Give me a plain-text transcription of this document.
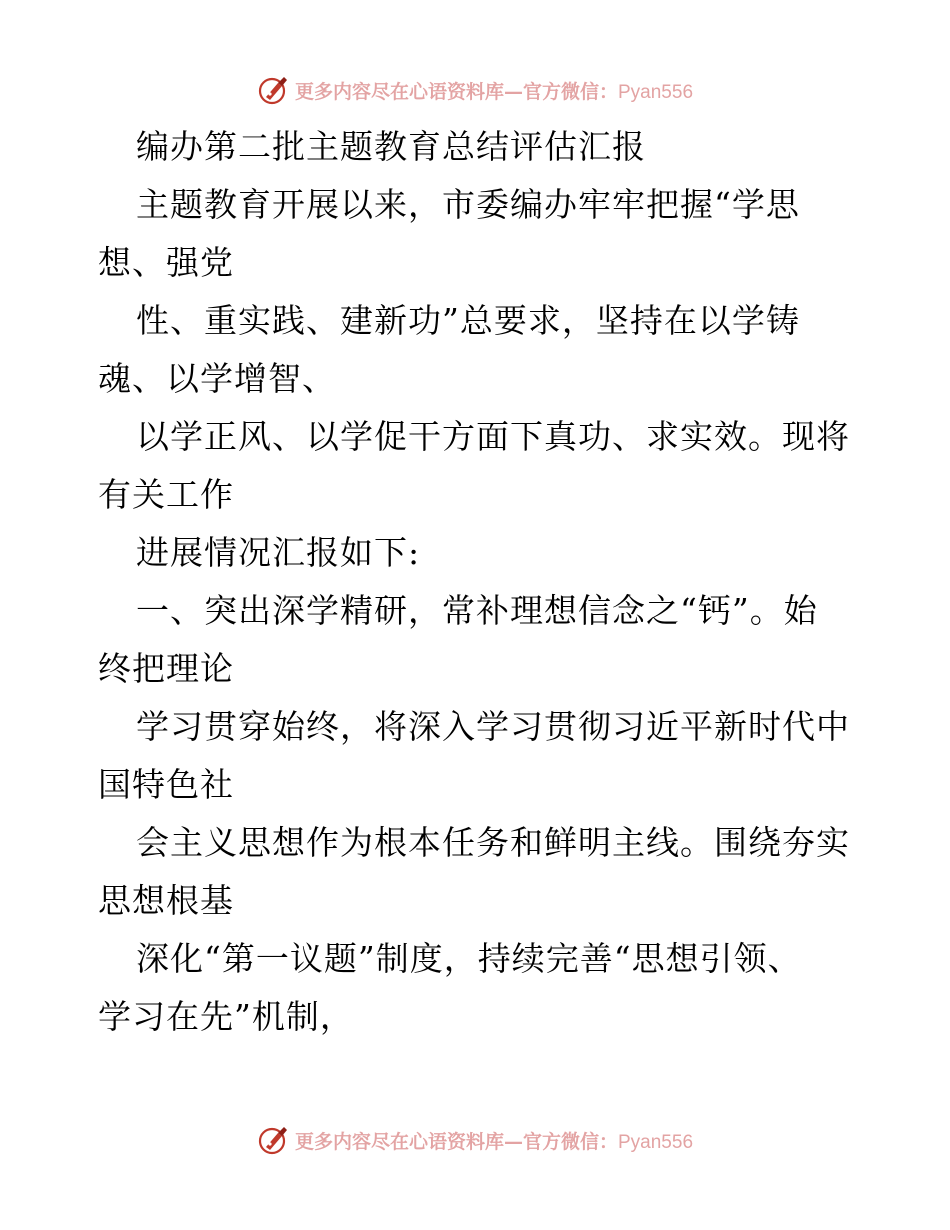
更多内容尽在心语资料库—官方微信：Pyan556
编办第二批主题教育总结评估汇报
主题教育开展以来，市委编办牢牢把握“学思
想、强党
性、重实践、建新功”总要求，坚持在以学铸
魂、以学增智、
以学正风、以学促干方面下真功、求实效。现将
有关工作
进展情况汇报如下:
一、突出深学精研，常补理想信念之“钙”。始
终把理论
学习贯穿始终，将深入学习贯彻习近平新时代中
国特色社
会主义思想作为根本任务和鲜明主线。围绕夯实
思想根基
深化“第一议题”制度，持续完善“思想引领、
学习在先”机制，
更多内容尽在心语资料库—官方微信：Pyan556
